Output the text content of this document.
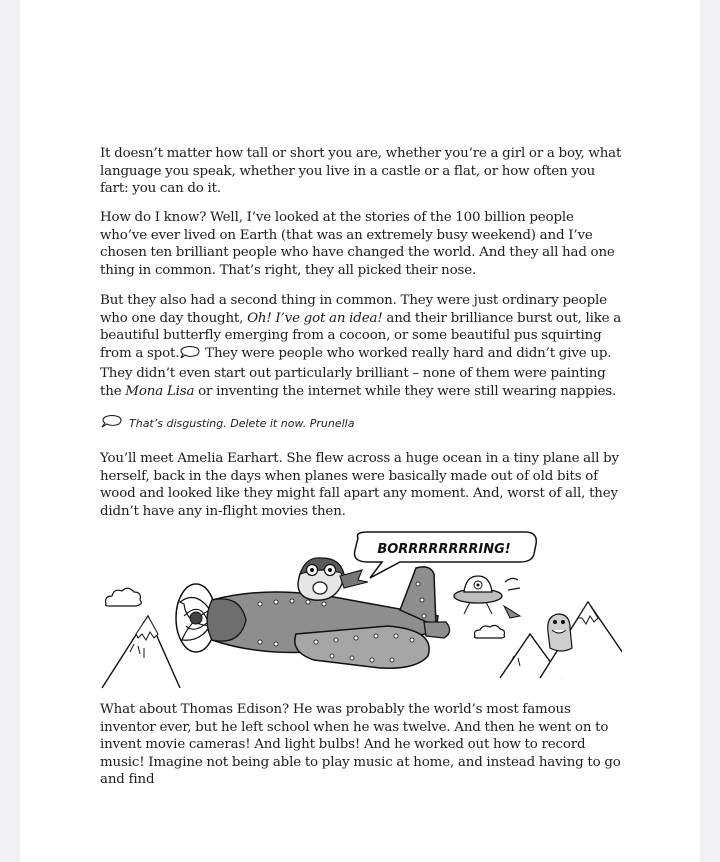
It doesn’t matter how tall or short you are, whether you’re a girl or a boy, what language you speak, whether you live in a castle or a flat, or how often you fart: you can do it.

How do I know? Well, I’ve looked at the stories of the 100 billion people who’ve ever lived on Earth (that was an extremely busy weekend) and I’ve chosen ten brilliant people who have changed the world. And they all had one thing in common. That’s right, they all picked their nose.

But they also had a second thing in common. They were just ordinary people who one day thought, Oh! I’ve got an idea! and their brilliance burst out, like a beautiful butterfly emerging from a cocoon, or some beautiful pus squirting from a spot. They were people who worked really hard and didn’t give up. They didn’t even start out particularly brilliant – none of them were painting the Mona Lisa or inventing the internet while they were still wearing nappies.

That’s disgusting. Delete it now. Prunella

You’ll meet Amelia Earhart. She flew across a huge ocean in a tiny plane all by herself, back in the days when planes were basically made out of old bits of wood and looked like they might fall apart any moment. And, worst of all, they didn’t have any in-flight movies then.

BORRRRRRRRING!

What about Thomas Edison? He was probably the world’s most famous inventor ever, but he left school when he was twelve. And then he went on to invent movie cameras! And light bulbs! And he worked out how to record music! Imagine not being able to play music at home, and instead having to go and find
